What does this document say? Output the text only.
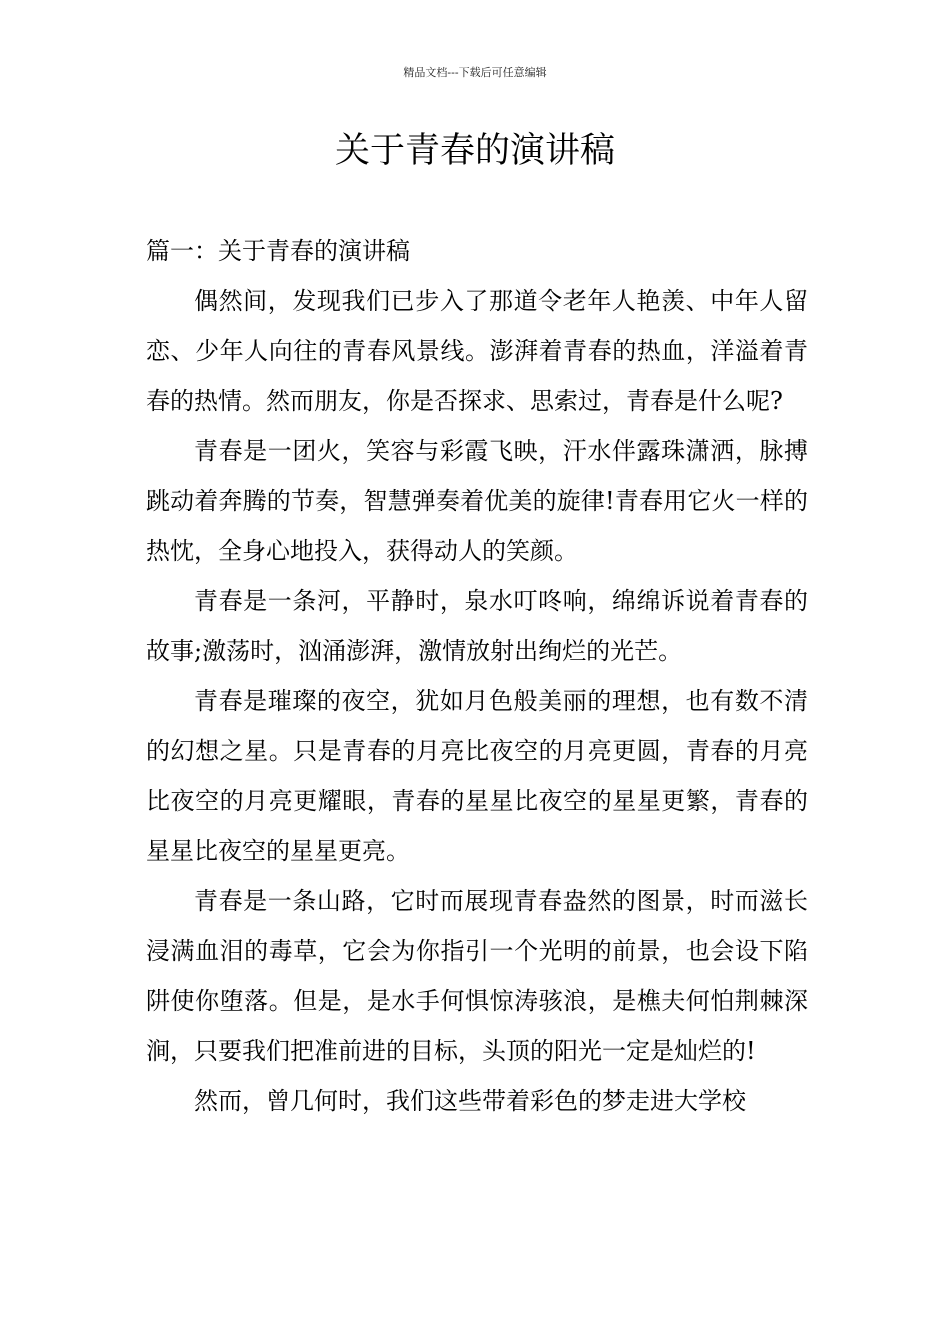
精品文档---下载后可任意编辑
关于青春的演讲稿
篇一：关于青春的演讲稿

偶然间，发现我们已步入了那道令老年人艳羡、中年人留恋、少年人向往的青春风景线。澎湃着青春的热血，洋溢着青春的热情。然而朋友，你是否探求、思索过，青春是什么呢?

青春是一团火，笑容与彩霞飞映，汗水伴露珠潇洒，脉搏跳动着奔腾的节奏，智慧弹奏着优美的旋律!青春用它火一样的热忱，全身心地投入，获得动人的笑颜。

青春是一条河，平静时，泉水叮咚响，绵绵诉说着青春的故事;激荡时，汹涌澎湃，激情放射出绚烂的光芒。

青春是璀璨的夜空，犹如月色般美丽的理想，也有数不清的幻想之星。只是青春的月亮比夜空的月亮更圆，青春的月亮比夜空的月亮更耀眼，青春的星星比夜空的星星更繁，青春的星星比夜空的星星更亮。

青春是一条山路，它时而展现青春盎然的图景，时而滋长浸满血泪的毒草，它会为你指引一个光明的前景，也会设下陷阱使你堕落。但是，是水手何惧惊涛骇浪，是樵夫何怕荆棘深涧，只要我们把准前进的目标，头顶的阳光一定是灿烂的!

然而，曾几何时，我们这些带着彩色的梦走进大学校
